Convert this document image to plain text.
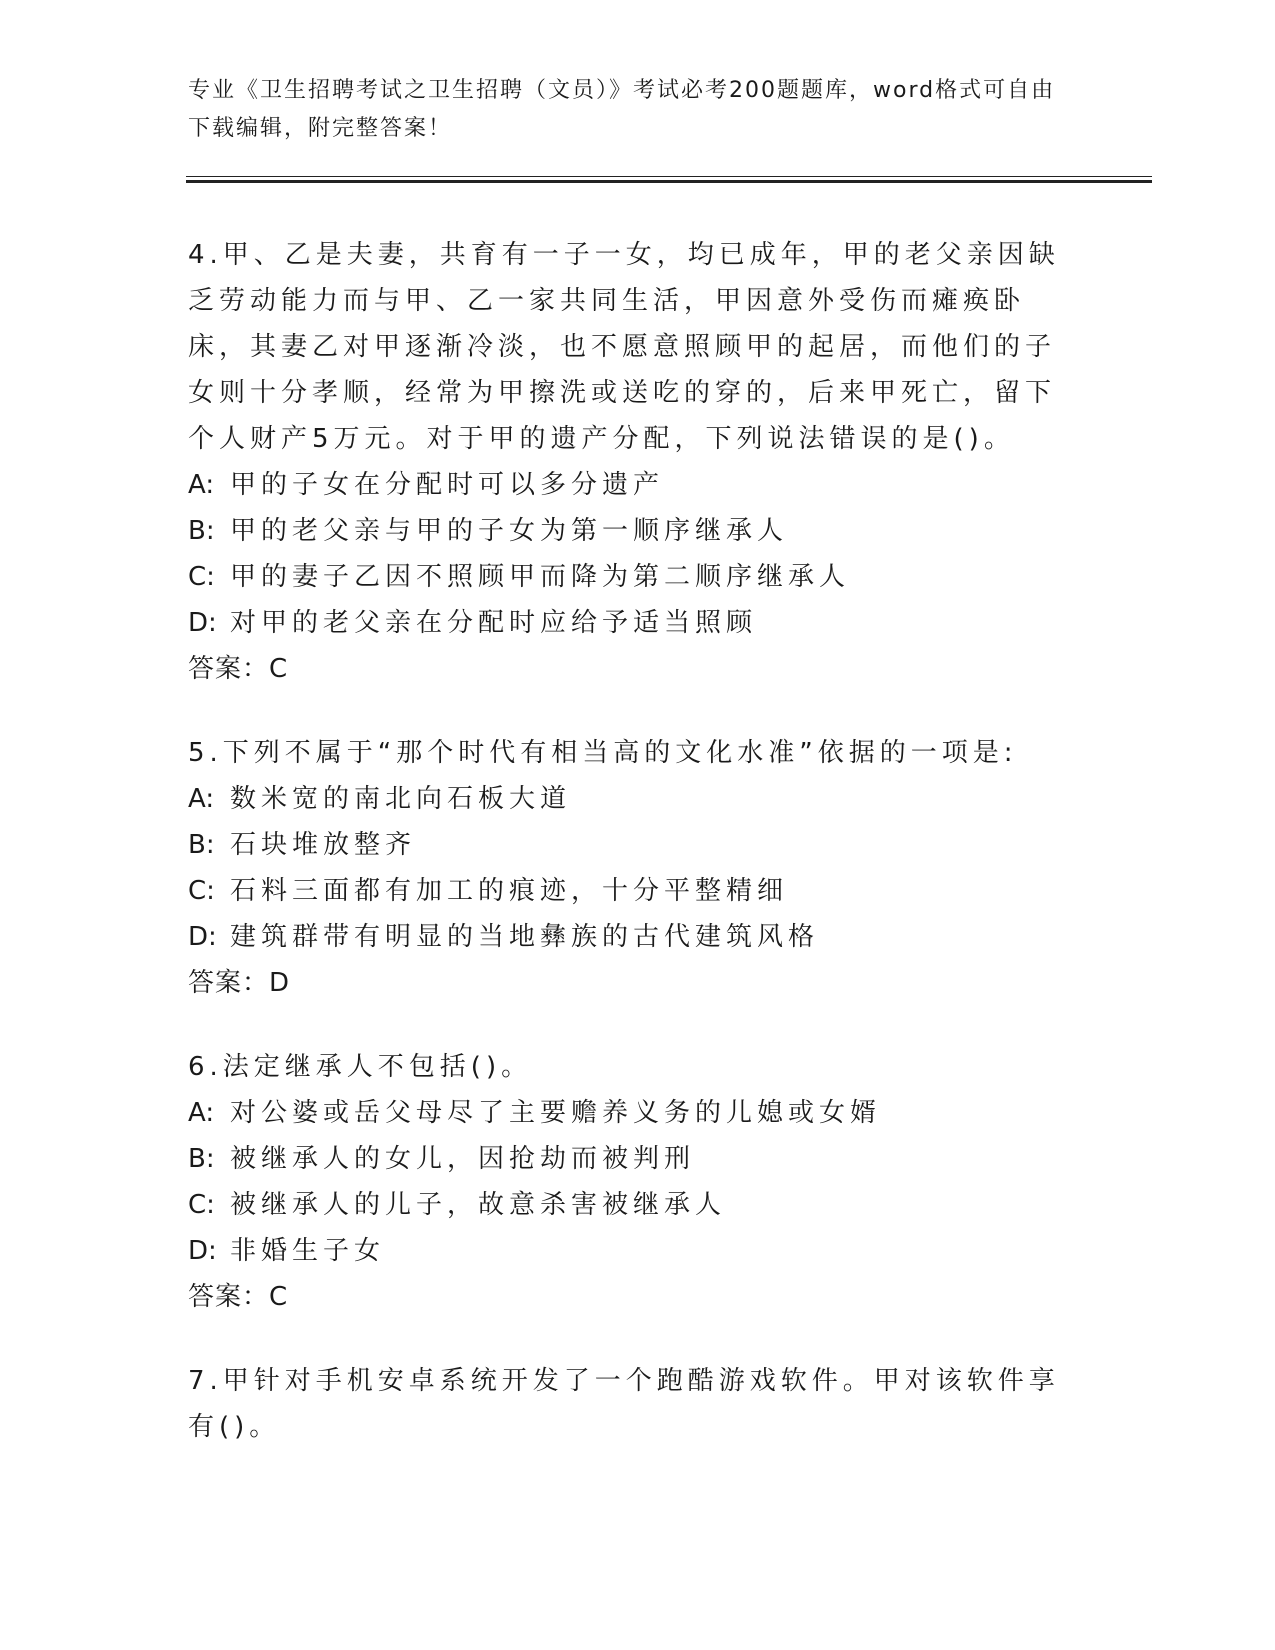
专业《卫生招聘考试之卫生招聘（文员）》考试必考200题题库，word格式可自由下载编辑，附完整答案！

4.甲、乙是夫妻，共育有一子一女，均已成年，甲的老父亲因缺乏劳动能力而与甲、乙一家共同生活，甲因意外受伤而瘫痪卧床，其妻乙对甲逐渐冷淡，也不愿意照顾甲的起居，而他们的子女则十分孝顺，经常为甲擦洗或送吃的穿的，后来甲死亡，留下个人财产5万元。对于甲的遗产分配，下列说法错误的是()。

A: 甲的子女在分配时可以多分遗产

B: 甲的老父亲与甲的子女为第一顺序继承人

C: 甲的妻子乙因不照顾甲而降为第二顺序继承人

D: 对甲的老父亲在分配时应给予适当照顾

答案：C

5.下列不属于“那个时代有相当高的文化水准”依据的一项是:

A: 数米宽的南北向石板大道

B: 石块堆放整齐

C: 石料三面都有加工的痕迹，十分平整精细

D: 建筑群带有明显的当地彝族的古代建筑风格

答案：D

6.法定继承人不包括()。

A: 对公婆或岳父母尽了主要赡养义务的儿媳或女婿

B: 被继承人的女儿，因抢劫而被判刑

C: 被继承人的儿子，故意杀害被继承人

D: 非婚生子女

答案：C

7.甲针对手机安卓系统开发了一个跑酷游戏软件。甲对该软件享有()。
